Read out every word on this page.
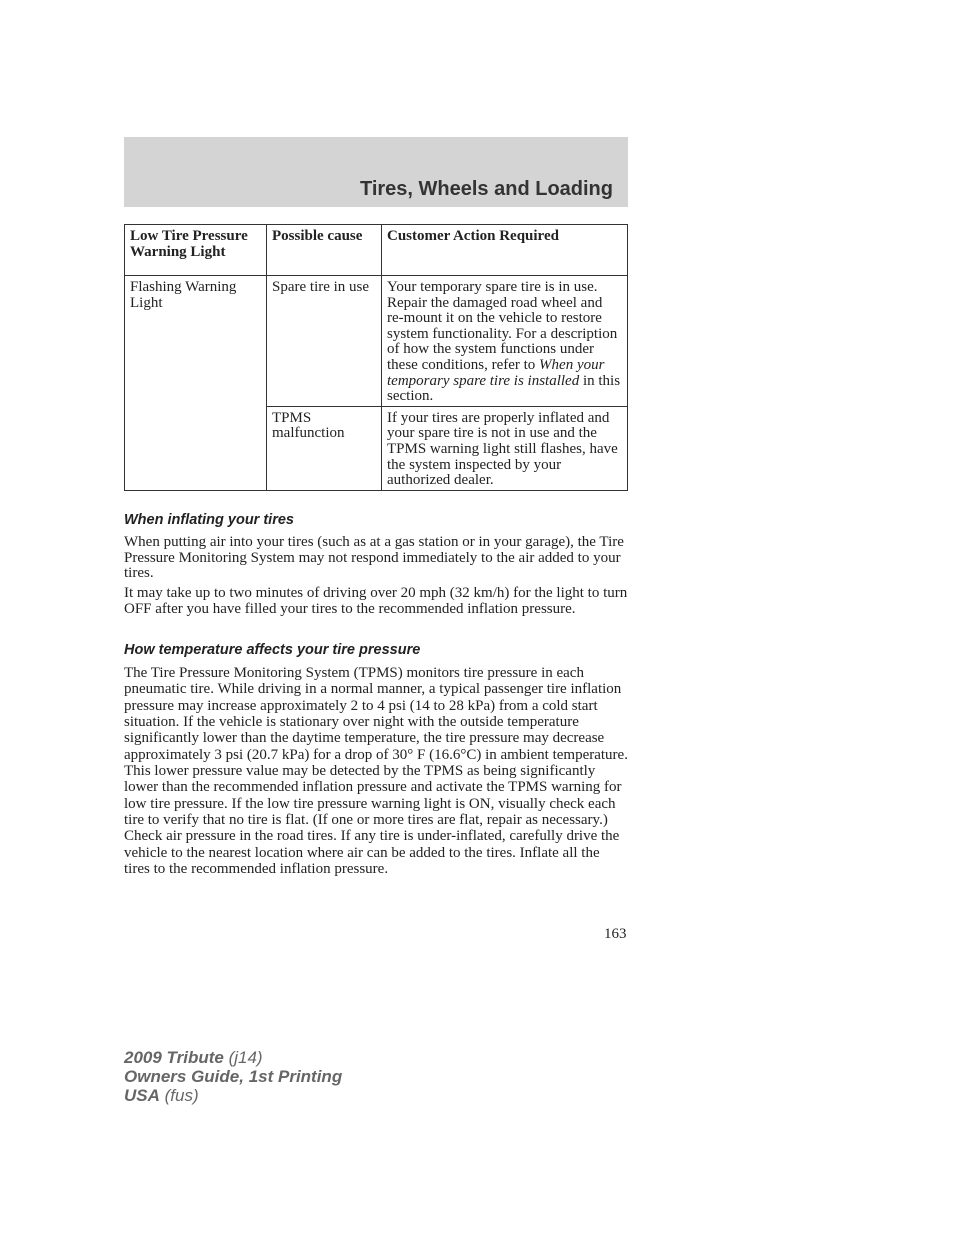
Tires, Wheels and Loading
Low Tire Pressure Warning Light	Possible cause	Customer Action Required
Flashing Warning Light	Spare tire in use	Your temporary spare tire is in use. Repair the damaged road wheel and re-mount it on the vehicle to restore system functionality. For a description of how the system functions under these conditions, refer to When your temporary spare tire is installed in this section.
	TPMS malfunction	If your tires are properly inflated and your spare tire is not in use and the TPMS warning light still flashes, have the system inspected by your authorized dealer.
When inflating your tires

When putting air into your tires (such as at a gas station or in your garage), the Tire Pressure Monitoring System may not respond immediately to the air added to your tires.

It may take up to two minutes of driving over 20 mph (32 km/h) for the light to turn OFF after you have filled your tires to the recommended inflation pressure.

How temperature affects your tire pressure

The Tire Pressure Monitoring System (TPMS) monitors tire pressure in each pneumatic tire. While driving in a normal manner, a typical passenger tire inflation pressure may increase approximately 2 to 4 psi (14 to 28 kPa) from a cold start situation. If the vehicle is stationary over night with the outside temperature significantly lower than the daytime temperature, the tire pressure may decrease approximately 3 psi (20.7 kPa) for a drop of 30° F (16.6°C) in ambient temperature. This lower pressure value may be detected by the TPMS as being significantly lower than the recommended inflation pressure and activate the TPMS warning for low tire pressure. If the low tire pressure warning light is ON, visually check each tire to verify that no tire is flat. (If one or more tires are flat, repair as necessary.) Check air pressure in the road tires. If any tire is under-inflated, carefully drive the vehicle to the nearest location where air can be added to the tires. Inflate all the tires to the recommended inflation pressure.

163
2009 Tribute (j14)
Owners Guide, 1st Printing
USA (fus)
